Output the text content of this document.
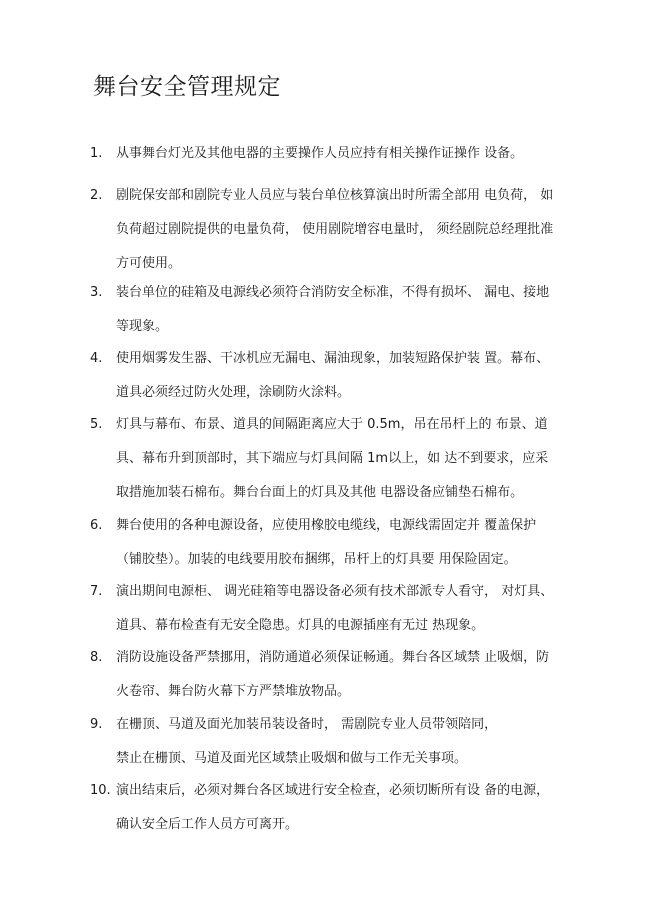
舞台安全管理规定
1.	从事舞台灯光及其他电器的主要操作人员应持有相关操作证操作 设备。
2.	剧院保安部和剧院专业人员应与装台单位核算演出时所需全部用 电负荷， 如
负荷超过剧院提供的电量负荷， 使用剧院增容电量时， 须经剧院总经理批准
方可使用。
3.	装台单位的硅箱及电源线必须符合消防安全标准，不得有损坏、 漏电、接地
等现象。
4.	使用烟雾发生器、干冰机应无漏电、漏油现象，加装短路保护装 置。幕布、
道具必须经过防火处理，涂刷防火涂料。
5.	灯具与幕布、布景、道具的间隔距离应大于 0.5m，吊在吊杆上的 布景、道
具、幕布升到顶部时，其下端应与灯具间隔 1m以上，如 达不到要求，应采
取措施加装石棉布。舞台台面上的灯具及其他 电器设备应铺垫石棉布。
6.	舞台使用的各种电源设备，应使用橡胶电缆线，电源线需固定并 覆盖保护
（铺胶垫）。加装的电线要用胶布捆绑，吊杆上的灯具要 用保险固定。
7.	演出期间电源柜、 调光硅箱等电器设备必须有技术部派专人看守， 对灯具、
道具、幕布检查有无安全隐患。灯具的电源插座有无过 热现象。
8.	消防设施设备严禁挪用，消防通道必须保证畅通。舞台各区域禁 止吸烟，防
火卷帘、舞台防火幕下方严禁堆放物品。
9.	在栅顶、马道及面光加装吊装设备时， 需剧院专业人员带领陪同，
禁止在栅顶、马道及面光区域禁止吸烟和做与工作无关事项。
10. 演出结束后，必须对舞台各区域进行安全检查，必须切断所有设 备的电源，
确认安全后工作人员方可离开。
